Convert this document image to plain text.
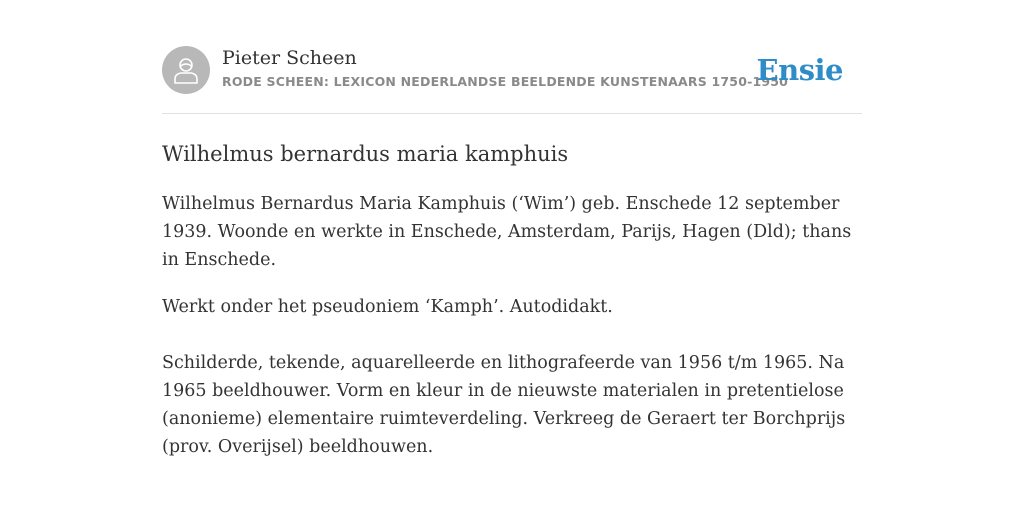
Pieter Scheen
RODE SCHEEN: LEXICON NEDERLANDSE BEELDENDE KUNSTENAARS 1750-1950
Ensie
Wilhelmus bernardus maria kamphuis

Wilhelmus Bernardus Maria Kamphuis (‘Wim’) geb. Enschede 12 september 1939. Woonde en werkte in Enschede, Amsterdam, Parijs, Hagen (Dld); thans in Enschede.

Werkt onder het pseudoniem ‘Kamph’. Autodidakt.

Schilderde, tekende, aquarelleerde en lithografeerde van 1956 t/m 1965. Na 1965 beeldhouwer. Vorm en kleur in de nieuwste materialen in pretentielose (anonieme) elementaire ruimteverdeling. Verkreeg de Geraert ter Borchprijs (prov. Overijsel) beeldhouwen.
